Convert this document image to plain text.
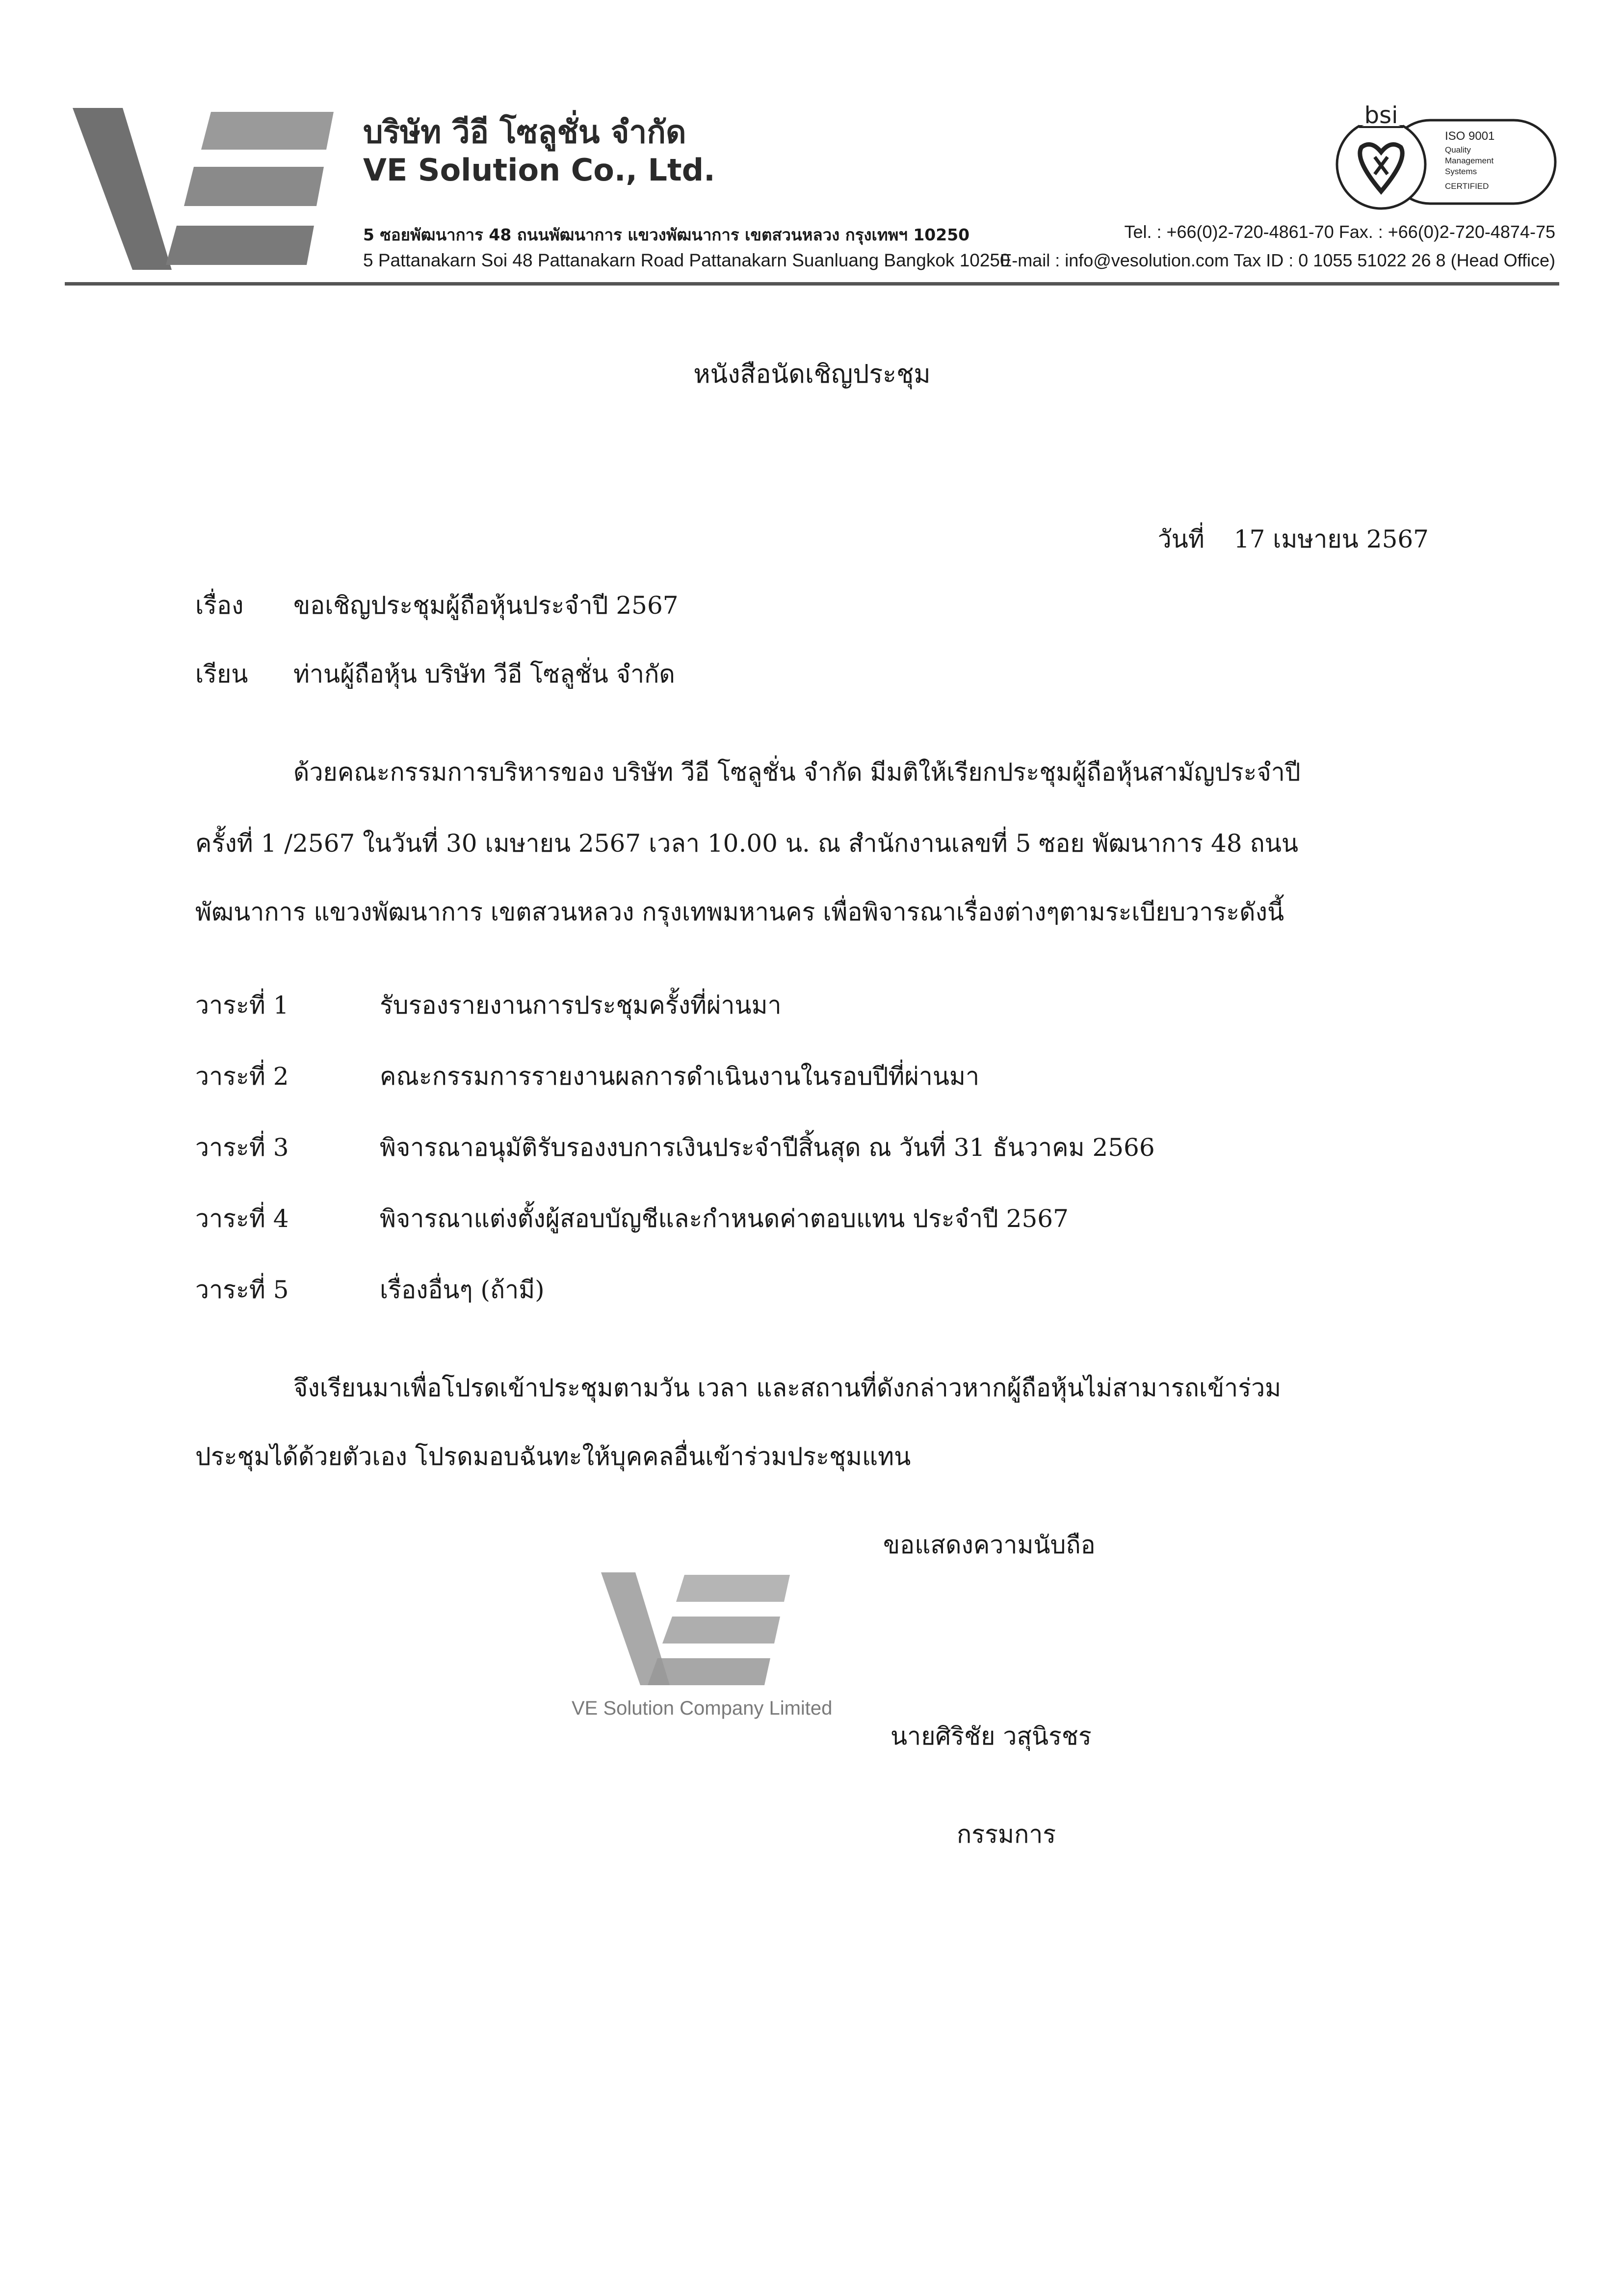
บริษัท วีอี โซลูชั่น จำกัด
VE Solution Co., Ltd.
5 ซอยพัฒนาการ 48 ถนนพัฒนาการ แขวงพัฒนาการ เขตสวนหลวง กรุงเทพฯ 10250
5 Pattanakarn Soi 48 Pattanakarn Road Pattanakarn Suanluang Bangkok 10250
Tel. : +66(0)2-720-4861-70 Fax. : +66(0)2-720-4874-75
E-mail : info@vesolution.com Tax ID : 0 1055 51022 26 8 (Head Office)
bsi
ISO 9001
Quality
Management
Systems
CERTIFIED
หนังสือนัดเชิญประชุม
วันที่ 17 เมษายน 2567
เรื่อง ขอเชิญประชุมผู้ถือหุ้นประจำปี 2567
เรียน ท่านผู้ถือหุ้น บริษัท วีอี โซลูชั่น จำกัด
ด้วยคณะกรรมการบริหารของ บริษัท วีอี โซลูชั่น จำกัด มีมติให้เรียกประชุมผู้ถือหุ้นสามัญประจำปี
ครั้งที่ 1 /2567 ในวันที่ 30 เมษายน 2567 เวลา 10.00 น. ณ สำนักงานเลขที่ 5 ซอย พัฒนาการ 48 ถนน
พัฒนาการ แขวงพัฒนาการ เขตสวนหลวง กรุงเทพมหานคร เพื่อพิจารณาเรื่องต่างๆตามระเบียบวาระดังนี้
วาระที่ 1	รับรองรายงานการประชุมครั้งที่ผ่านมา
วาระที่ 2	คณะกรรมการรายงานผลการดำเนินงานในรอบปีที่ผ่านมา
วาระที่ 3	พิจารณาอนุมัติรับรองงบการเงินประจำปีสิ้นสุด ณ วันที่ 31 ธันวาคม 2566
วาระที่ 4	พิจารณาแต่งตั้งผู้สอบบัญชีและกำหนดค่าตอบแทน ประจำปี 2567
วาระที่ 5	เรื่องอื่นๆ (ถ้ามี)
จึงเรียนมาเพื่อโปรดเข้าประชุมตามวัน เวลา และสถานที่ดังกล่าวหากผู้ถือหุ้นไม่สามารถเข้าร่วม
ประชุมได้ด้วยตัวเอง โปรดมอบฉันทะให้บุคคลอื่นเข้าร่วมประชุมแทน
ขอแสดงความนับถือ
VE Solution Company Limited
นายศิริชัย วสุนิรชร
กรรมการ
